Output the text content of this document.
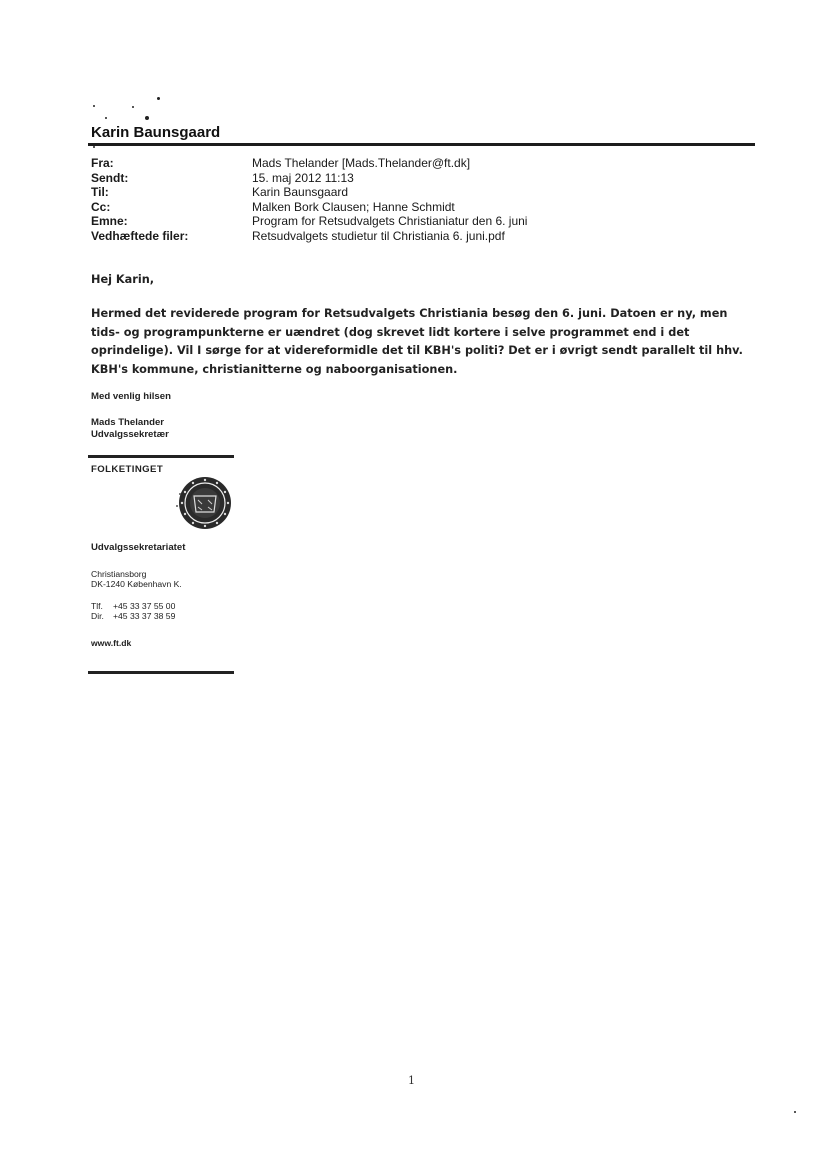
Karin Baunsgaard
Fra:	Mads Thelander [Mads.Thelander@ft.dk]
Sendt:	15. maj 2012 11:13
Til:	Karin Baunsgaard
Cc:	Malken Bork Clausen; Hanne Schmidt
Emne:	Program for Retsudvalgets Christianiatur den 6. juni
Vedhæftede filer:	Retsudvalgets studietur til Christiania 6. juni.pdf
Hej Karin,
Hermed det reviderede program for Retsudvalgets Christiania besøg den 6. juni. Datoen er ny, men tids- og programpunkterne er uændret (dog skrevet lidt kortere i selve programmet end i det oprindelige). Vil I sørge for at videreformidle det til KBH's politi? Det er i øvrigt sendt parallelt til hhv. KBH's kommune, christianitterne og naboorganisationen.
Med venlig hilsen
Mads Thelander
Udvalgssekretær
FOLKETINGET
Udvalgssekretariatet
Christiansborg
DK-1240 København K.
Tlf.	+45 33 37 55 00
Dir.	+45 33 37 38 59
www.ft.dk
1
